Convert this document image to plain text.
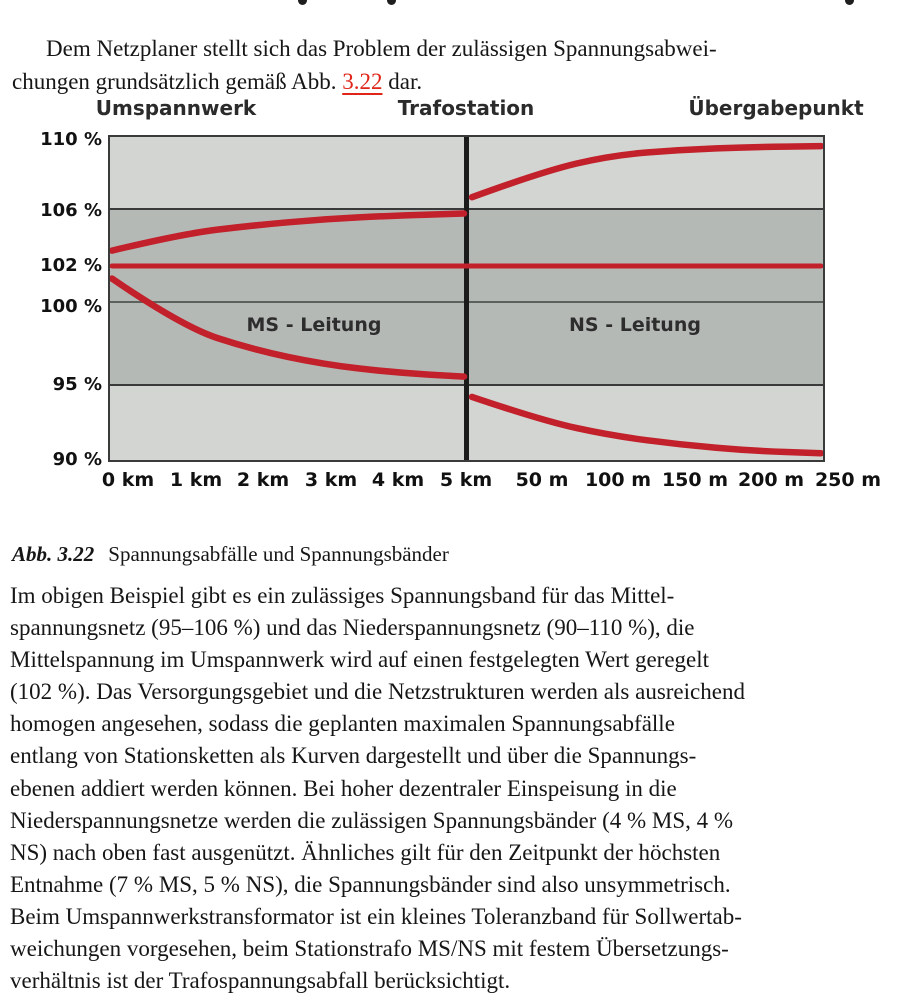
Dem Netzplaner stellt sich das Problem der zulässigen Spannungsabwei-
chungen grundsätzlich gemäß Abb. 3.22 dar.

Umspannwerk	Trafostation	Übergabepunkt
MS - Leitung	NS - Leitung
110 %
106 %
102 %
100 %
95 %
90 %
0 km 1 km 2 km 3 km 4 km 5 km	50 m 100 m 150 m 200 m 250 m

Abb. 3.22 Spannungsabfälle und Spannungsbänder

Im obigen Beispiel gibt es ein zulässiges Spannungsband für das Mittel-
spannungsnetz (95–106 %) und das Niederspannungsnetz (90–110 %), die
Mittelspannung im Umspannwerk wird auf einen festgelegten Wert geregelt
(102 %). Das Versorgungsgebiet und die Netzstrukturen werden als ausreichend
homogen angesehen, sodass die geplanten maximalen Spannungsabfälle
entlang von Stationsketten als Kurven dargestellt und über die Spannungs-
ebenen addiert werden können. Bei hoher dezentraler Einspeisung in die
Niederspannungsnetze werden die zulässigen Spannungsbänder (4 % MS, 4 %
NS) nach oben fast ausgenützt. Ähnliches gilt für den Zeitpunkt der höchsten
Entnahme (7 % MS, 5 % NS), die Spannungsbänder sind also unsymmetrisch.
Beim Umspannwerkstransformator ist ein kleines Toleranzband für Sollwertab-
weichungen vorgesehen, beim Stationstrafo MS/NS mit festem Übersetzungs-
verhältnis ist der Trafospannungsabfall berücksichtigt.
